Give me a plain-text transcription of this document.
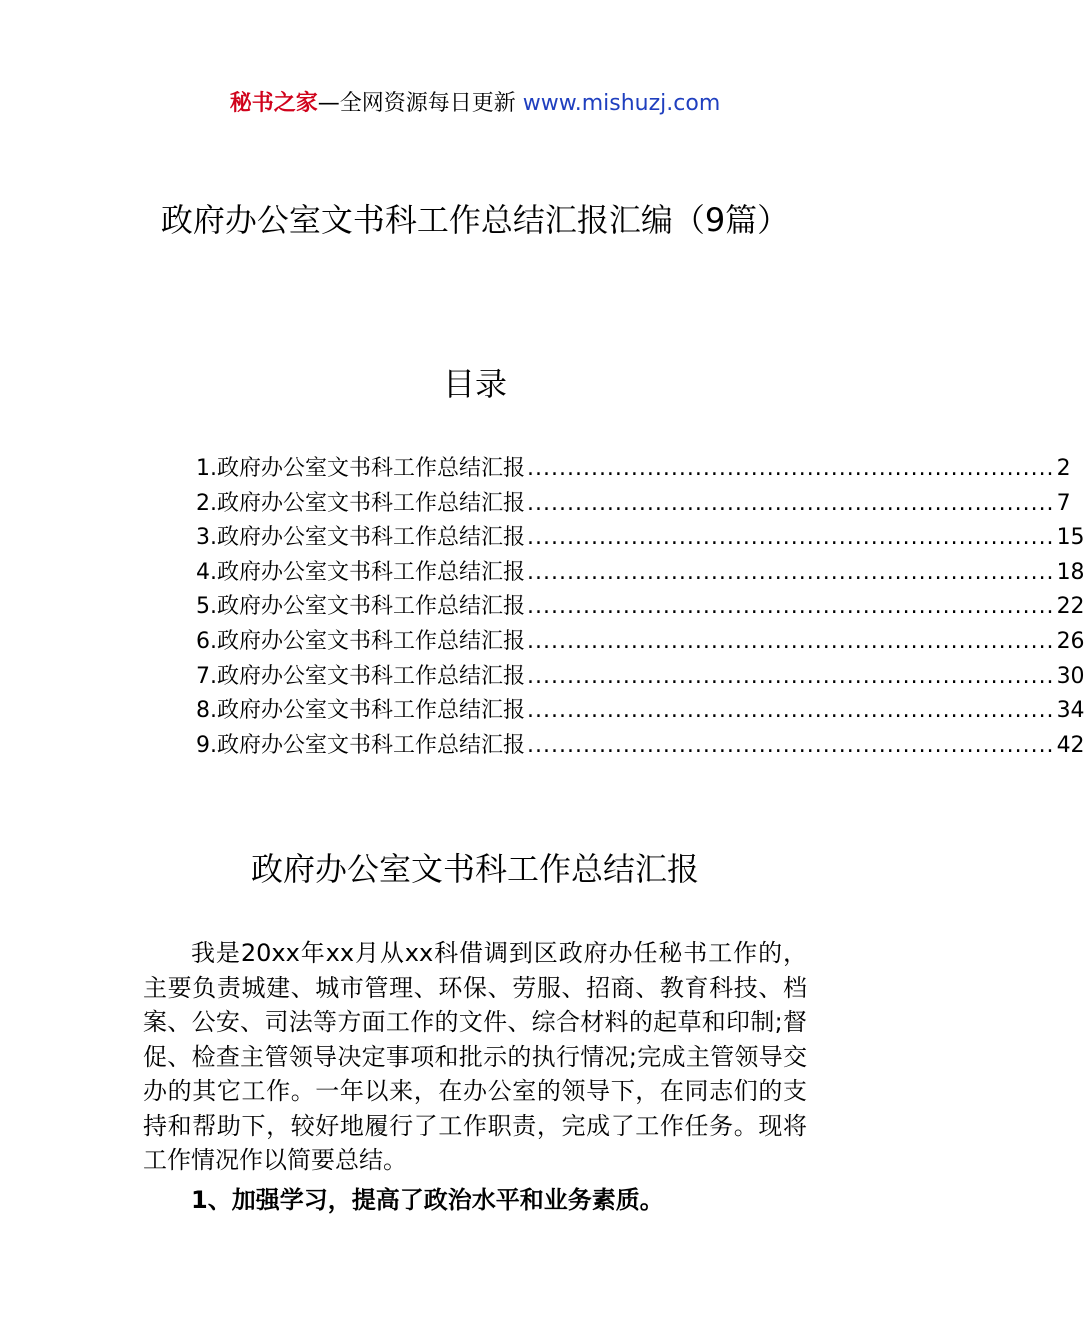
秘书之家—全网资源每日更新 www.mishuzj.com
政府办公室文书科工作总结汇报汇编（9篇）
目录
1.政府办公室文书科工作总结汇报 .................................................................. 2
2.政府办公室文书科工作总结汇报 .................................................................. 7
3.政府办公室文书科工作总结汇报 .................................................................. 15
4.政府办公室文书科工作总结汇报 .................................................................. 18
5.政府办公室文书科工作总结汇报 .................................................................. 22
6.政府办公室文书科工作总结汇报 .................................................................. 26
7.政府办公室文书科工作总结汇报 .................................................................. 30
8.政府办公室文书科工作总结汇报 .................................................................. 34
9.政府办公室文书科工作总结汇报 .................................................................. 42
政府办公室文书科工作总结汇报

我是20xx年xx月从xx科借调到区政府办任秘书工作的，主要负责城建、城市管理、环保、劳服、招商、教育科技、档案、公安、司法等方面工作的文件、综合材料的起草和印制;督促、检查主管领导决定事项和批示的执行情况;完成主管领导交办的其它工作。一年以来，在办公室的领导下，在同志们的支持和帮助下，较好地履行了工作职责，完成了工作任务。现将工作情况作以简要总结。

1、加强学习，提高了政治水平和业务素质。
